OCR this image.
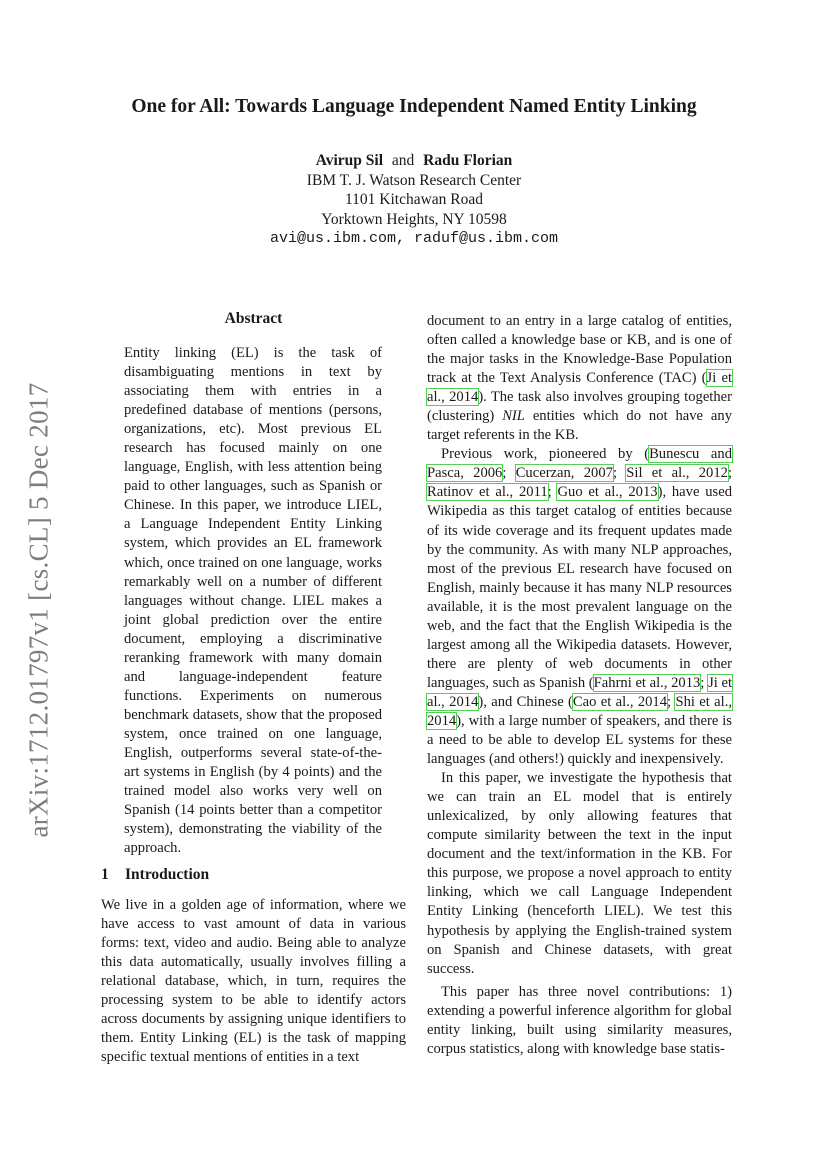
arXiv:1712.01797v1 [cs.CL] 5 Dec 2017
One for All: Towards Language Independent Named Entity Linking
Avirup Sil and Radu Florian
IBM T. J. Watson Research Center
1101 Kitchawan Road
Yorktown Heights, NY 10598
avi@us.ibm.com, raduf@us.ibm.com
Abstract
Entity linking (EL) is the task of disambiguating mentions in text by associating them with entries in a predefined database of mentions (persons, organizations, etc). Most previous EL research has focused mainly on one language, English, with less attention being paid to other languages, such as Spanish or Chinese. In this paper, we introduce LIEL, a Language Independent Entity Linking system, which provides an EL framework which, once trained on one language, works remarkably well on a number of different languages without change. LIEL makes a joint global prediction over the entire document, employing a discriminative reranking framework with many domain and language-independent feature functions. Experiments on numerous benchmark datasets, show that the proposed system, once trained on one language, English, outperforms several state-of-the-art systems in English (by 4 points) and the trained model also works very well on Spanish (14 points better than a competitor system), demonstrating the viability of the approach.
1 Introduction

We live in a golden age of information, where we have access to vast amount of data in various forms: text, video and audio. Being able to analyze this data automatically, usually involves filling a relational database, which, in turn, requires the processing system to be able to identify actors across documents by assigning unique identifiers to them. Entity Linking (EL) is the task of mapping specific textual mentions of entities in a text

document to an entry in a large catalog of entities, often called a knowledge base or KB, and is one of the major tasks in the Knowledge-Base Population track at the Text Analysis Conference (TAC) (Ji et al., 2014). The task also involves grouping together (clustering) NIL entities which do not have any target referents in the KB.

Previous work, pioneered by (Bunescu and Pasca, 2006; Cucerzan, 2007; Sil et al., 2012; Ratinov et al., 2011; Guo et al., 2013), have used Wikipedia as this target catalog of entities because of its wide coverage and its frequent updates made by the community. As with many NLP approaches, most of the previous EL research have focused on English, mainly because it has many NLP resources available, it is the most prevalent language on the web, and the fact that the English Wikipedia is the largest among all the Wikipedia datasets. However, there are plenty of web documents in other languages, such as Spanish (Fahrni et al., 2013; Ji et al., 2014), and Chinese (Cao et al., 2014; Shi et al., 2014), with a large number of speakers, and there is a need to be able to develop EL systems for these languages (and others!) quickly and inexpensively.

In this paper, we investigate the hypothesis that we can train an EL model that is entirely unlexicalized, by only allowing features that compute similarity between the text in the input document and the text/information in the KB. For this purpose, we propose a novel approach to entity linking, which we call Language Independent Entity Linking (henceforth LIEL). We test this hypothesis by applying the English-trained system on Spanish and Chinese datasets, with great success.

This paper has three novel contributions: 1) extending a powerful inference algorithm for global entity linking, built using similarity measures, corpus statistics, along with knowledge base statis-
